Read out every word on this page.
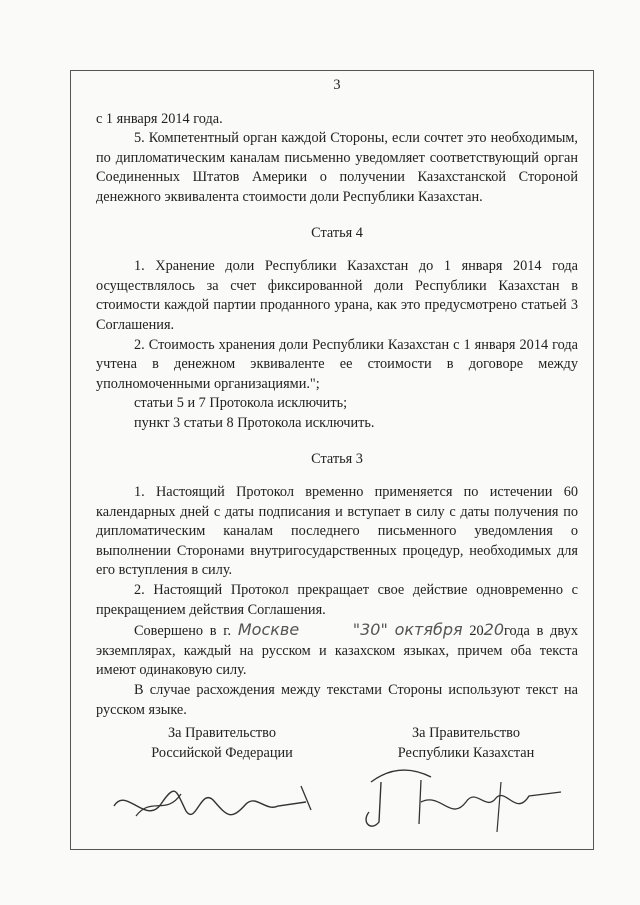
3

с 1 января 2014 года.

5. Компетентный орган каждой Стороны, если сочтет это необходимым, по дипломатическим каналам письменно уведомляет соответствующий орган Соединенных Штатов Америки о получении Казахстанской Стороной денежного эквивалента стоимости доли Республики Казахстан.

Статья 4

1. Хранение доли Республики Казахстан до 1 января 2014 года осуществлялось за счет фиксированной доли Республики Казахстан в стоимости каждой партии проданного урана, как это предусмотрено статьей 3 Соглашения.

2. Стоимость хранения доли Республики Казахстан с 1 января 2014 года учтена в денежном эквиваленте ее стоимости в договоре между уполномоченными организациями.";

статьи 5 и 7 Протокола исключить;

пункт 3 статьи 8 Протокола исключить.

Статья 3

1. Настоящий Протокол временно применяется по истечении 60 календарных дней с даты подписания и вступает в силу с даты получения по дипломатическим каналам последнего письменного уведомления о выполнении Сторонами внутригосударственных процедур, необходимых для его вступления в силу.

2. Настоящий Протокол прекращает свое действие одновременно с прекращением действия Соглашения.

Совершено в г. Москве	"30" октября 2020года в двух экземплярах, каждый на русском и казахском языках, причем оба текста имеют одинаковую силу.

В случае расхождения между текстами Стороны используют текст на русском языке.

За Правительство
Российской Федерации
За Правительство
Республики Казахстан
